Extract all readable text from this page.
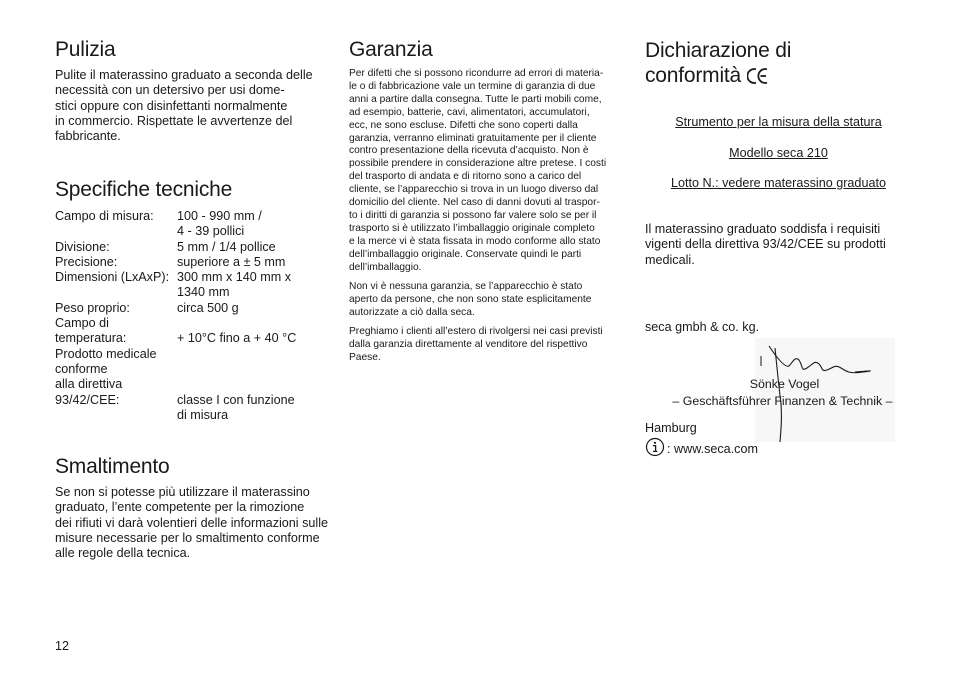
Pulizia

Pulite il materassino graduato a seconda delle

necessità con un detersivo per usi dome-

stici oppure con disinfettanti normalmente

in commercio. Rispettate le avvertenze del

fabbricante.

Specifiche tecniche
Campo di misura:	100 - 990 mm /
4 - 39 pollici
Divisione:	5 mm / 1/4 pollice
Precisione:	superiore a ± 5 mm
Dimensioni (LxAxP): 300 mm x 140 mm x
1340 mm
Peso proprio:	circa 500 g
Campo di
temperatura:	+ 10°C fino a + 40 °C
Prodotto medicale
conforme
alla direttiva
93/42/CEE:	classe I con funzione
di misura
Smaltimento

Se non si potesse più utilizzare il materassino

graduato, l’ente competente per la rimozione

dei rifiuti vi darà volentieri delle informazioni sulle

misure necessarie per lo smaltimento conforme

alle regole della tecnica.

Garanzia

Per difetti che si possono ricondurre ad errori di materia-

le o di fabbricazione vale un termine di garanzia di due

anni a partire dalla consegna. Tutte le parti mobili come,

ad esempio, batterie, cavi, alimentatori, accumulatori,

ecc, ne sono escluse. Difetti che sono coperti dalla

garanzia, verranno eliminati gratuitamente per il cliente

contro presentazione della ricevuta d’acquisto. Non è

possibile prendere in considerazione altre pretese. I costi

del trasporto di andata e di ritorno sono a carico del

cliente, se l’apparecchio si trova in un luogo diverso dal

domicilio del cliente. Nel caso di danni dovuti al traspor-

to i diritti di garanzia si possono far valere solo se per il

trasporto si è utilizzato l’imballaggio originale completo

e la merce vi è stata fissata in modo conforme allo stato

dell’imballaggio originale. Conservate quindi le parti

dell’imballaggio.

Non vi è nessuna garanzia, se l’apparecchio è stato

aperto da persone, che non sono state esplicitamente

autorizzate a ciò dalla seca.

Preghiamo i clienti all’estero di rivolgersi nei casi previsti

dalla garanzia direttamente al venditore del rispettivo

Paese.

Dichiarazione di
conformità
Strumento per la misura della statura
Modello seca 210
Lotto N.: vedere materassino graduato

Il materassino graduato soddisfa i requisiti

vigenti della direttiva 93/42/CEE su prodotti

medicali.

seca gmbh & co. kg.
Sönke Vogel
– Geschäftsführer Finanzen & Technik –
Hamburg
: www.seca.com
12
